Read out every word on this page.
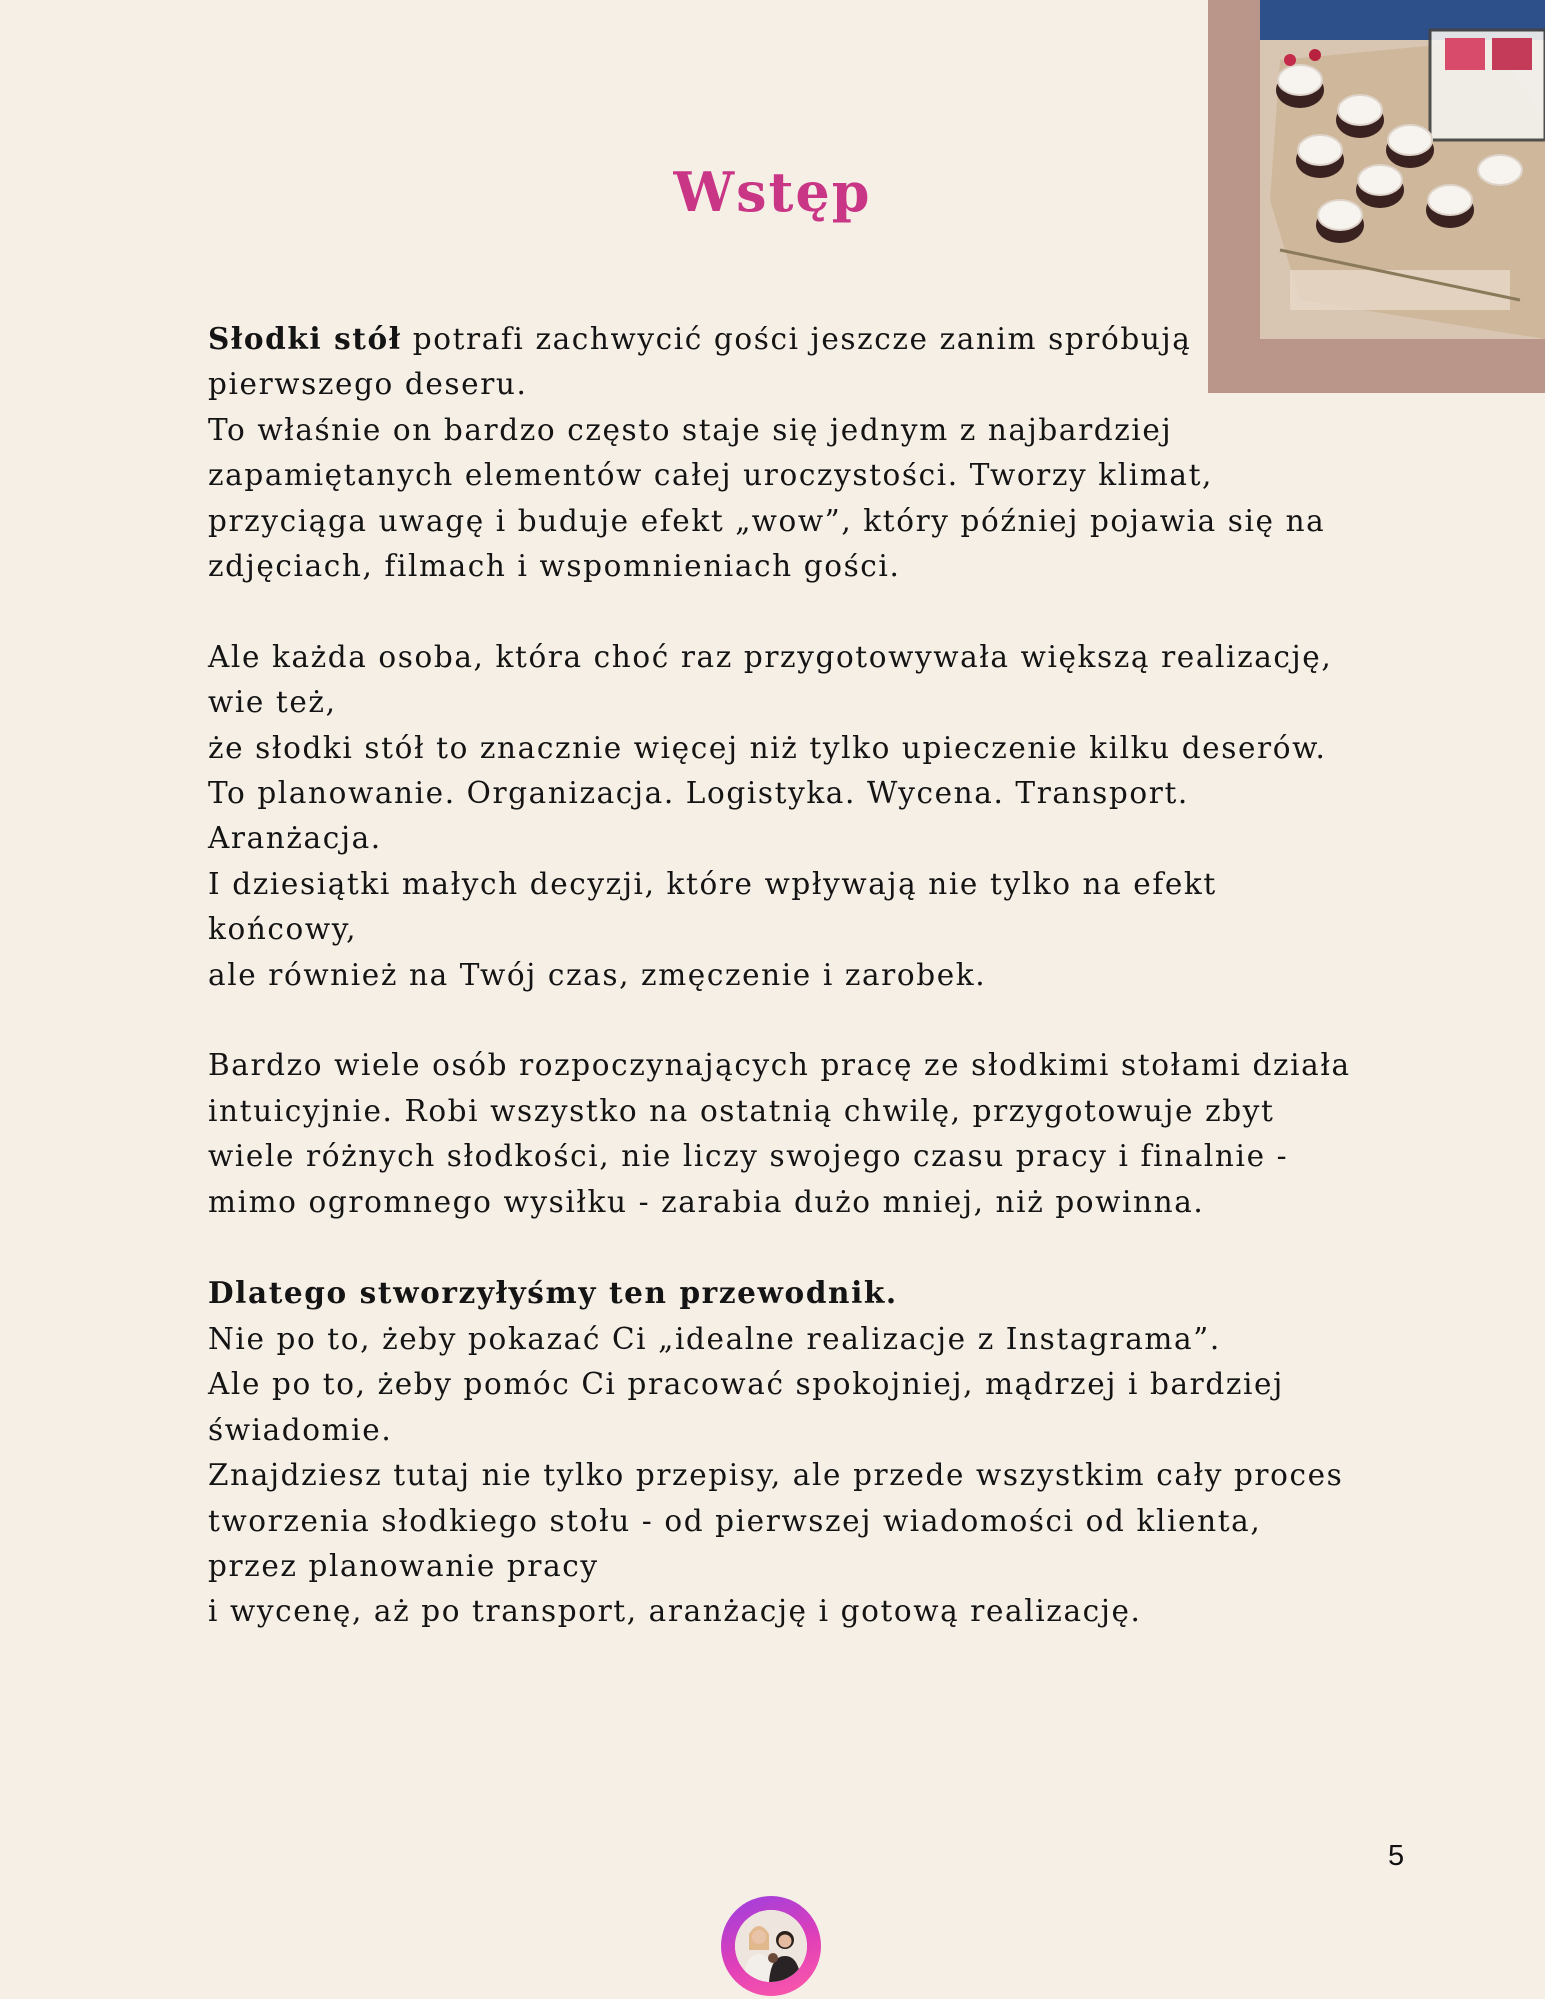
Wstęp

Słodki stół potrafi zachwycić gości jeszcze zanim spróbują

pierwszego deseru.

To właśnie on bardzo często staje się jednym z najbardziej

zapamiętanych elementów całej uroczystości. Tworzy klimat,

przyciąga uwagę i buduje efekt „wow”, który później pojawia się na

zdjęciach, filmach i wspomnieniach gości.

Ale każda osoba, która choć raz przygotowywała większą realizację,

wie też,

że słodki stół to znacznie więcej niż tylko upieczenie kilku deserów.

To planowanie. Organizacja. Logistyka. Wycena. Transport.

Aranżacja.

I dziesiątki małych decyzji, które wpływają nie tylko na efekt

końcowy,

ale również na Twój czas, zmęczenie i zarobek.

Bardzo wiele osób rozpoczynających pracę ze słodkimi stołami działa

intuicyjnie. Robi wszystko na ostatnią chwilę, przygotowuje zbyt

wiele różnych słodkości, nie liczy swojego czasu pracy i finalnie -

mimo ogromnego wysiłku - zarabia dużo mniej, niż powinna.

Dlatego stworzyłyśmy ten przewodnik.

Nie po to, żeby pokazać Ci „idealne realizacje z Instagrama”.

Ale po to, żeby pomóc Ci pracować spokojniej, mądrzej i bardziej

świadomie.

Znajdziesz tutaj nie tylko przepisy, ale przede wszystkim cały proces

tworzenia słodkiego stołu - od pierwszej wiadomości od klienta,

przez planowanie pracy

i wycenę, aż po transport, aranżację i gotową realizację.

5
